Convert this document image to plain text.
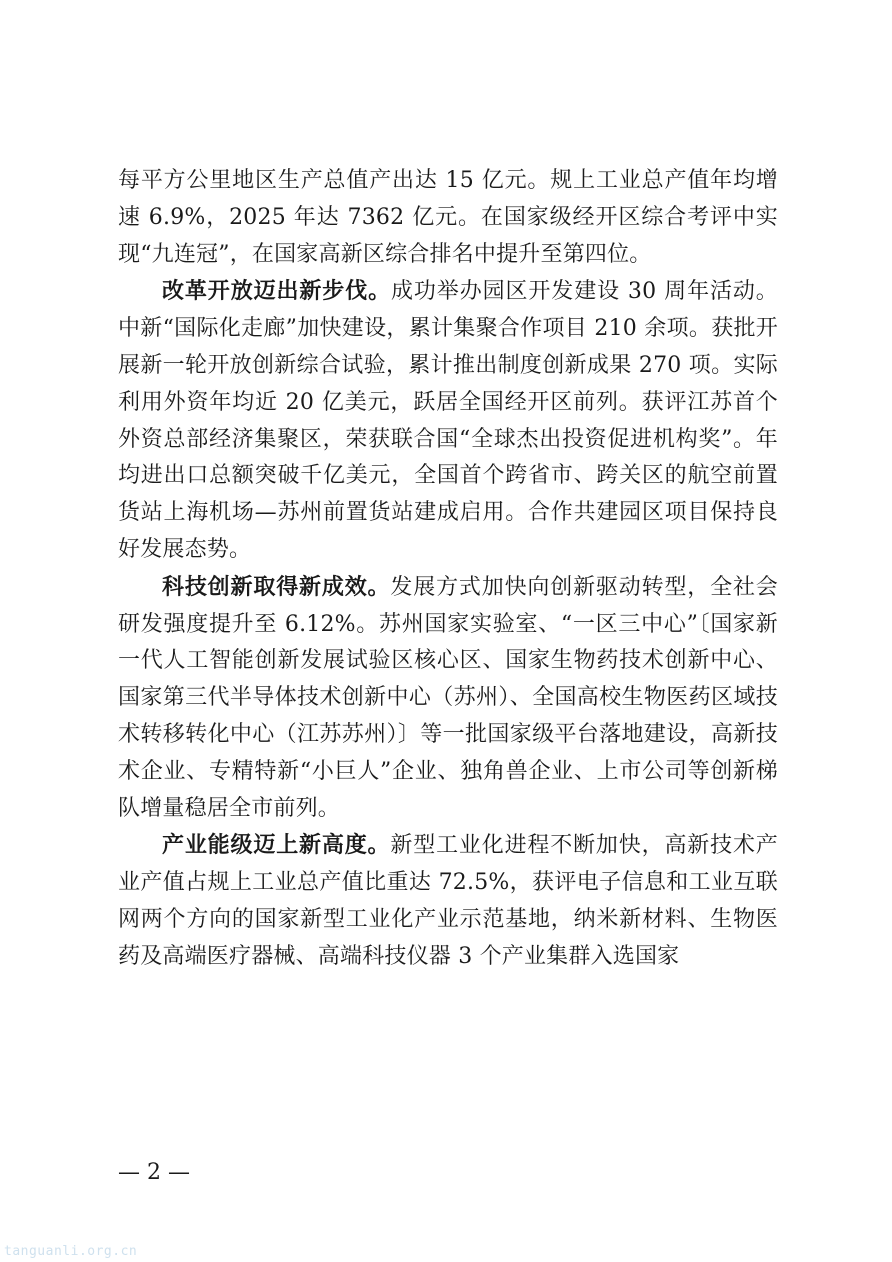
每平方公里地区生产总值产出达 15 亿元。规上工业总产值年均增速 6.9%，2025 年达 7362 亿元。在国家级经开区综合考评中实现“九连冠”，在国家高新区综合排名中提升至第四位。

改革开放迈出新步伐。成功举办园区开发建设 30 周年活动。中新“国际化走廊”加快建设，累计集聚合作项目 210 余项。获批开展新一轮开放创新综合试验，累计推出制度创新成果 270 项。实际利用外资年均近 20 亿美元，跃居全国经开区前列。获评江苏首个外资总部经济集聚区，荣获联合国“全球杰出投资促进机构奖”。年均进出口总额突破千亿美元，全国首个跨省市、跨关区的航空前置货站上海机场—苏州前置货站建成启用。合作共建园区项目保持良好发展态势。

科技创新取得新成效。发展方式加快向创新驱动转型，全社会研发强度提升至 6.12%。苏州国家实验室、“一区三中心”〔国家新一代人工智能创新发展试验区核心区、国家生物药技术创新中心、国家第三代半导体技术创新中心（苏州）、全国高校生物医药区域技术转移转化中心（江苏苏州）〕等一批国家级平台落地建设，高新技术企业、专精特新“小巨人”企业、独角兽企业、上市公司等创新梯队增量稳居全市前列。

产业能级迈上新高度。新型工业化进程不断加快，高新技术产业产值占规上工业总产值比重达 72.5%，获评电子信息和工业互联网两个方向的国家新型工业化产业示范基地，纳米新材料、生物医药及高端医疗器械、高端科技仪器 3 个产业集群入选国家

— 2 —
tanguanli.org.cn
